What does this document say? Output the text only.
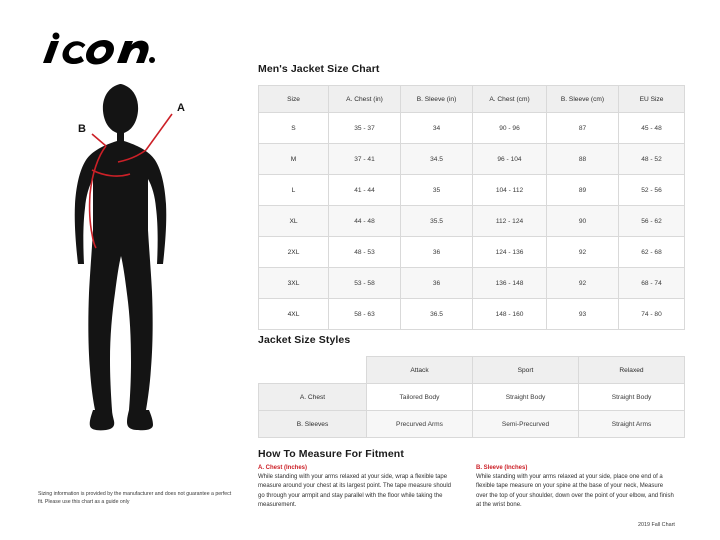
A
B
Sizing information is provided by the manufacturer and does not guarantee a perfect fit. Please use this chart as a guide only
Men's Jacket Size Chart
Size	A. Chest (in)	B. Sleeve (in)	A. Chest (cm)	B. Sleeve (cm)	EU Size
S	35 - 37	34	90 - 96	87	45 - 48
M	37 - 41	34.5	96 - 104	88	48 - 52
L	41 - 44	35	104 - 112	89	52 - 56
XL	44 - 48	35.5	112 - 124	90	56 - 62
2XL	48 - 53	36	124 - 136	92	62 - 68
3XL	53 - 58	36	136 - 148	92	68 - 74
4XL	58 - 63	36.5	148 - 160	93	74 - 80
Jacket Size Styles
	Attack	Sport	Relaxed
A. Chest	Tailored Body	Straight Body	Straight Body
B. Sleeves	Precurved Arms	Semi-Precurved	Straight Arms
How To Measure For Fitment
A. Chest (Inches)
While standing with your arms relaxed at your side, wrap a flexible tape measure around your chest at its largest point. The tape measure should go through your armpit and stay parallel with the floor while taking the measurement.
B. Sleeve (Inches)
While standing with your arms relaxed at your side, place one end of a flexible tape measure on your spine at the base of your neck, Measure over the top of your shoulder, down over the point of your elbow, and finish at the wrist bone.
2019 Fall Chart
